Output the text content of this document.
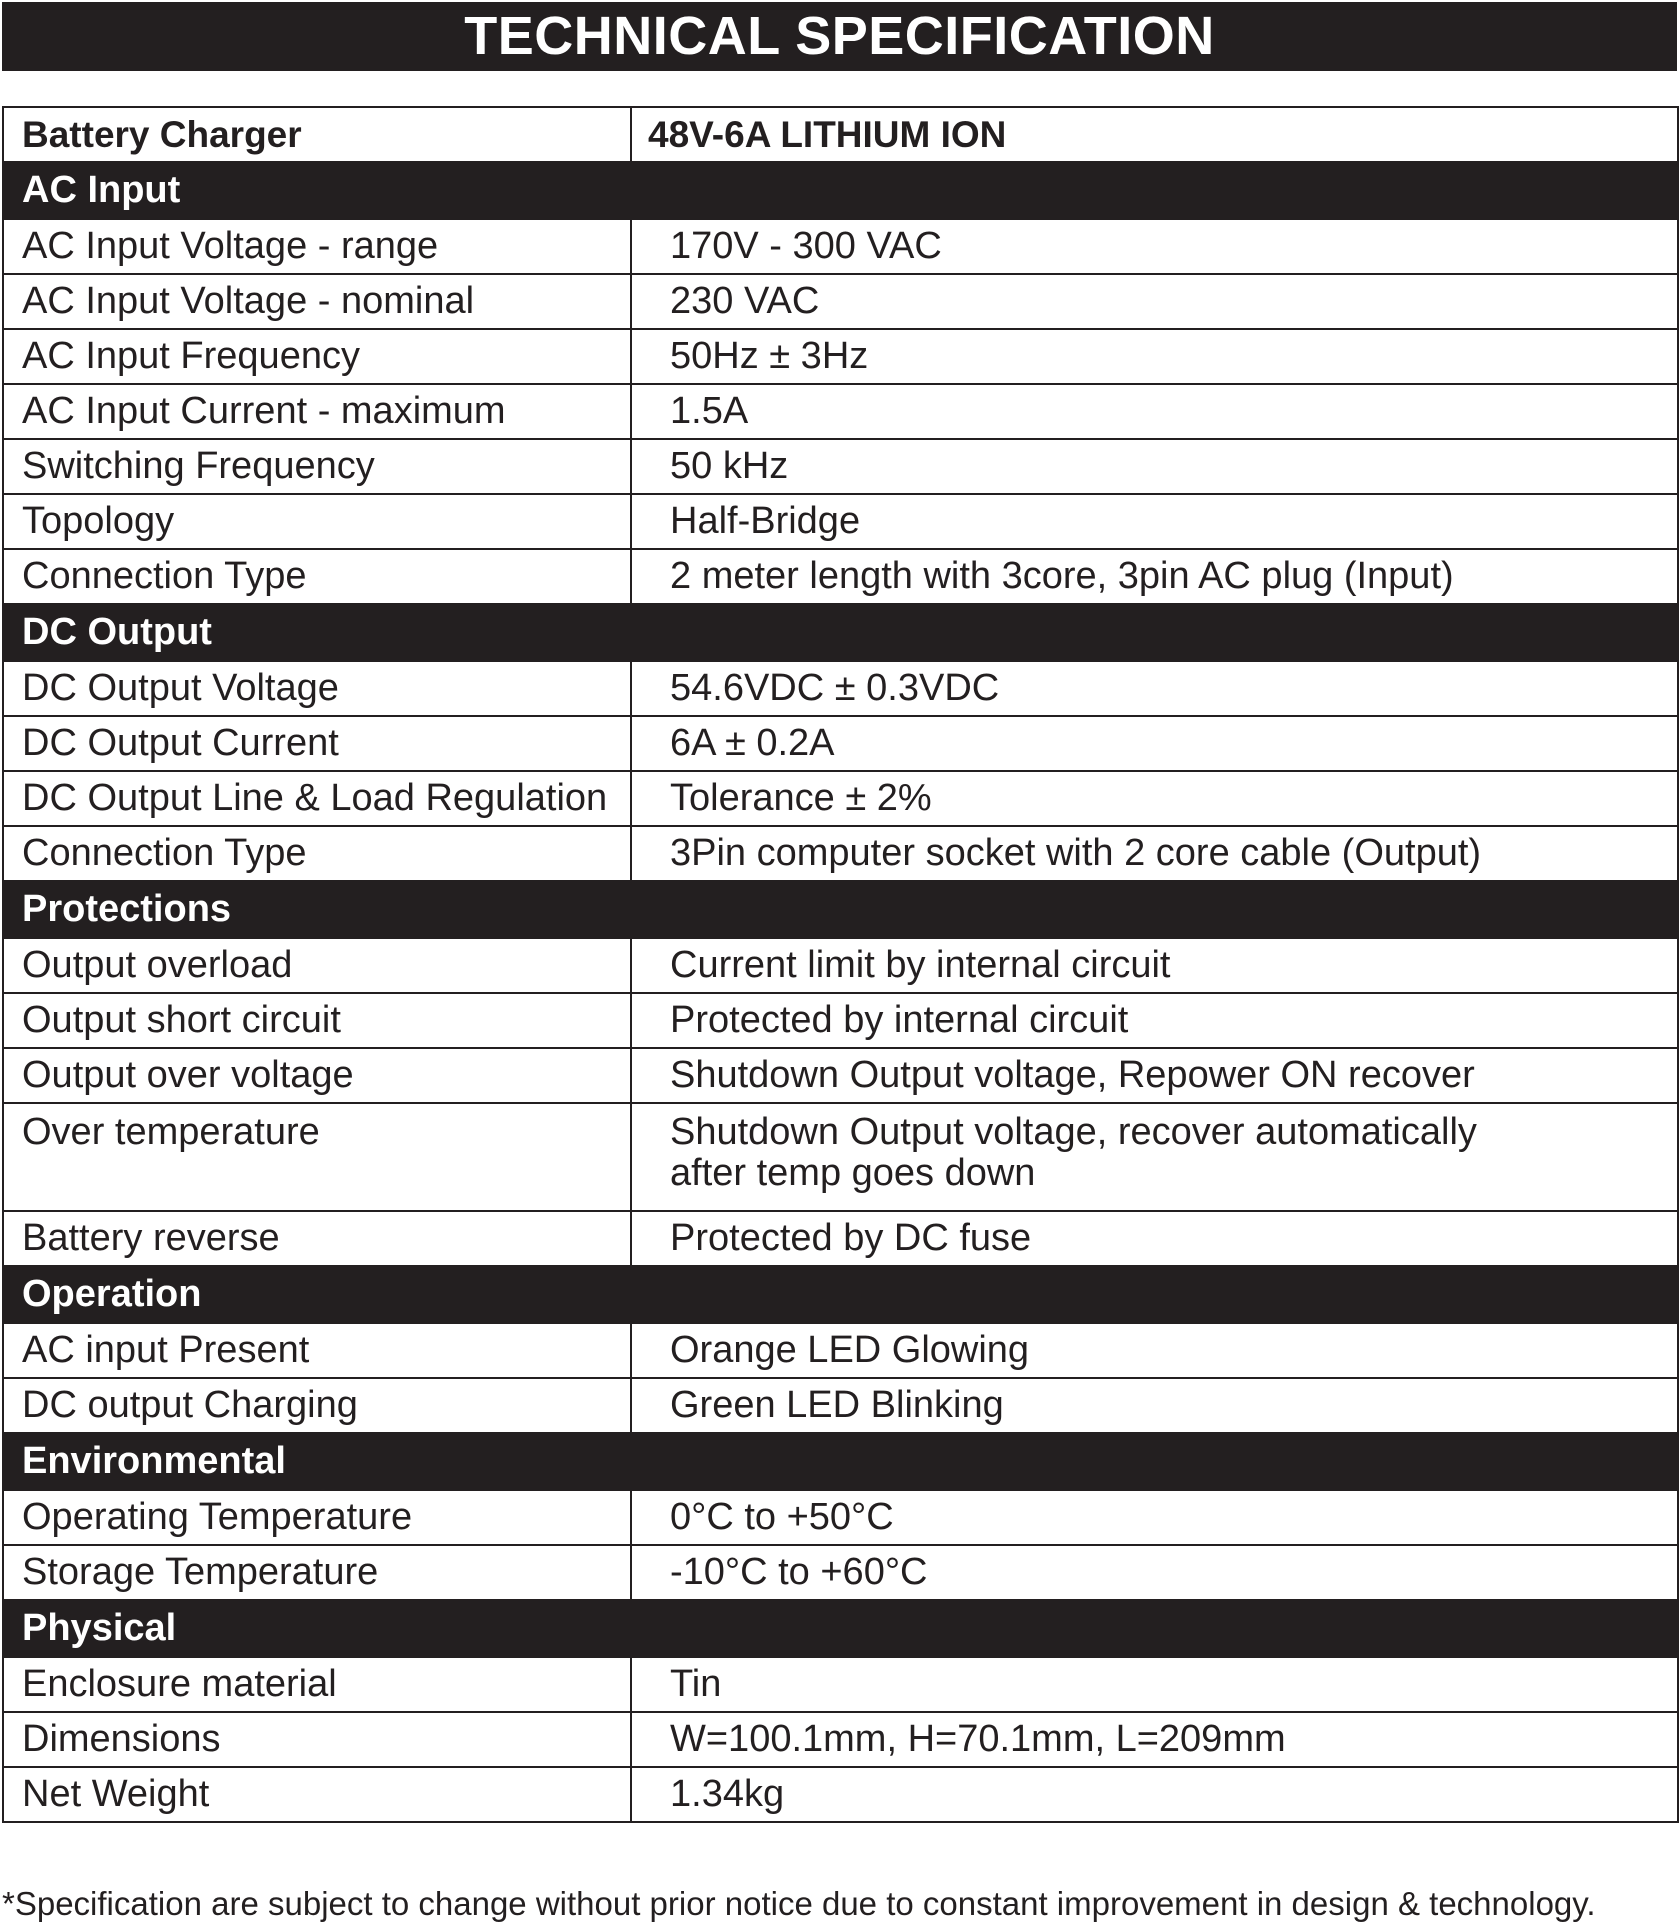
TECHNICAL SPECIFICATION
Battery Charger	48V-6A LITHIUM ION
AC Input	
AC Input Voltage - range	170V - 300 VAC
AC Input Voltage - nominal	230 VAC
AC Input Frequency	50Hz ± 3Hz
AC Input Current - maximum	1.5A
Switching Frequency	50 kHz
Topology	Half-Bridge
Connection Type	2 meter length with 3core, 3pin AC plug (Input)
DC Output	
DC Output Voltage	54.6VDC ± 0.3VDC
DC Output Current	6A ± 0.2A
DC Output Line & Load Regulation	Tolerance ± 2%
Connection Type	3Pin computer socket with 2 core cable (Output)
Protections	
Output overload	Current limit by internal circuit
Output short circuit	Protected by internal circuit
Output over voltage	Shutdown Output voltage, Repower ON recover
Over temperature	Shutdown Output voltage, recover automatically after temp goes down
Battery reverse	Protected by DC fuse
Operation	
AC input Present	Orange LED Glowing
DC output Charging	Green LED Blinking
Environmental	
Operating Temperature	0°C to +50°C
Storage Temperature	-10°C to +60°C
Physical	
Enclosure material	Tin
Dimensions	W=100.1mm, H=70.1mm, L=209mm
Net Weight	1.34kg
*Specification are subject to change without prior notice due to constant improvement in design & technology.
